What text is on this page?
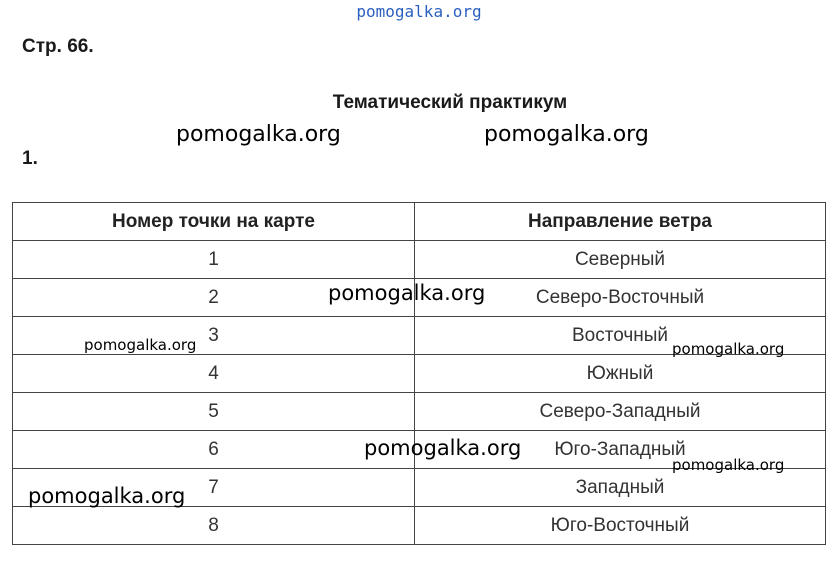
pomogalka.org
Стр. 66.
Тематический практикум
1.
Номер точки на карте	Направление ветра
1	Северный
2	Северо-Восточный
3	Восточный
4	Южный
5	Северо-Западный
6	Юго-Западный
7	Западный
8	Юго-Восточный
pomogalka.org	pomogalka.org
pomogalka.org
pomogalka.org	pomogalka.org
pomogalka.org
pomogalka.org
pomogalka.org
